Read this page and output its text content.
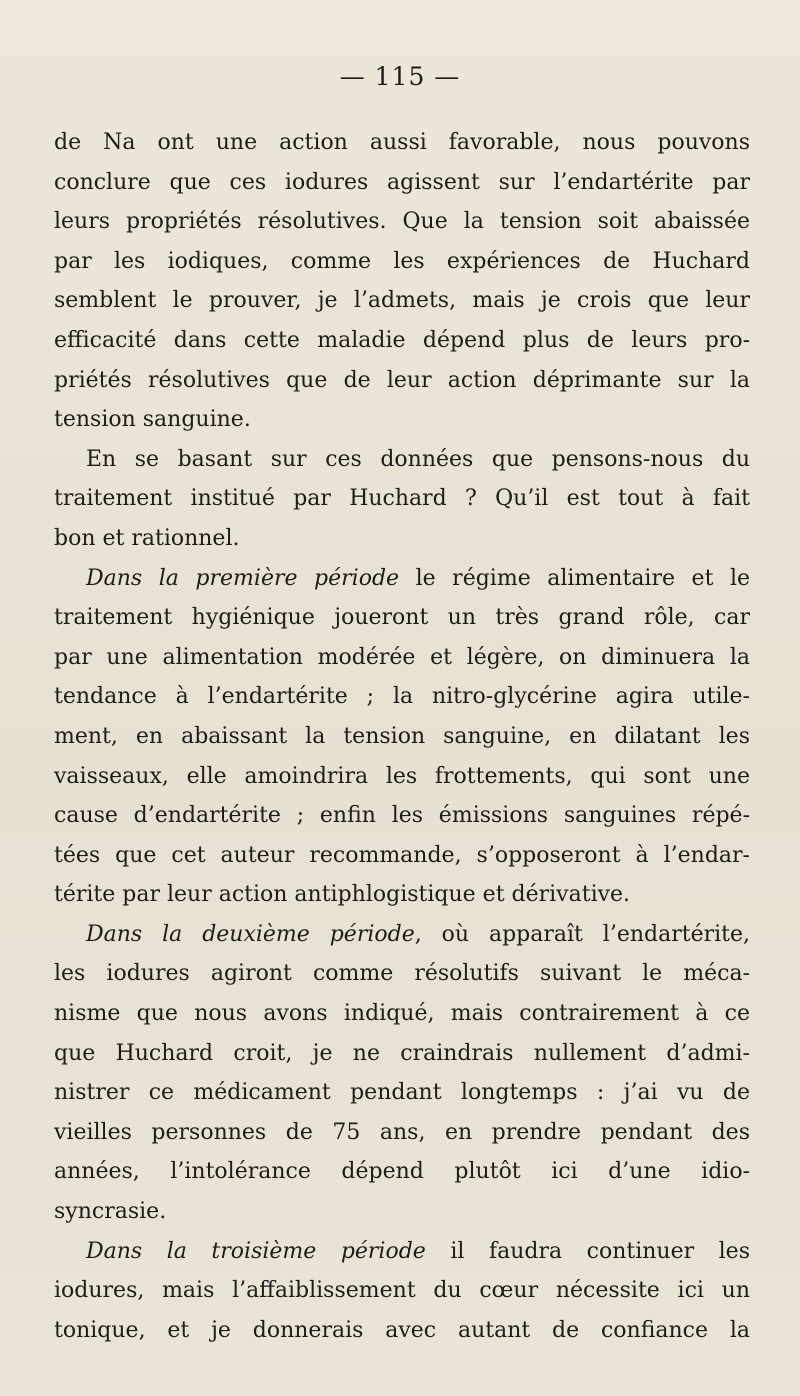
— 115 —
de Na ont une action aussi favorable, nous pouvons
conclure que ces iodures agissent sur l’endartérite par
leurs propriétés résolutives. Que la tension soit abaissée
par les iodiques, comme les expériences de Huchard
semblent le prouver, je l’admets, mais je crois que leur
efficacité dans cette maladie dépend plus de leurs pro-
priétés résolutives que de leur action déprimante sur la
tension sanguine.
En se basant sur ces données que pensons-nous du
traitement institué par Huchard ? Qu’il est tout à fait
bon et rationnel.
Dans la première période le régime alimentaire et le
traitement hygiénique joueront un très grand rôle, car
par une alimentation modérée et légère, on diminuera la
tendance à l’endartérite ; la nitro-glycérine agira utile-
ment, en abaissant la tension sanguine, en dilatant les
vaisseaux, elle amoindrira les frottements, qui sont une
cause d’endartérite ; enfin les émissions sanguines répé-
tées que cet auteur recommande, s’opposeront à l’endar-
térite par leur action antiphlogistique et dérivative.
Dans la deuxième période, où apparaît l’endartérite,
les iodures agiront comme résolutifs suivant le méca-
nisme que nous avons indiqué, mais contrairement à ce
que Huchard croit, je ne craindrais nullement d’admi-
nistrer ce médicament pendant longtemps : j’ai vu de
vieilles personnes de 75 ans, en prendre pendant des
années, l’intolérance dépend plutôt ici d’une idio-
syncrasie.
Dans la troisième période il faudra continuer les
iodures, mais l’affaiblissement du cœur nécessite ici un
tonique, et je donnerais avec autant de confiance la
